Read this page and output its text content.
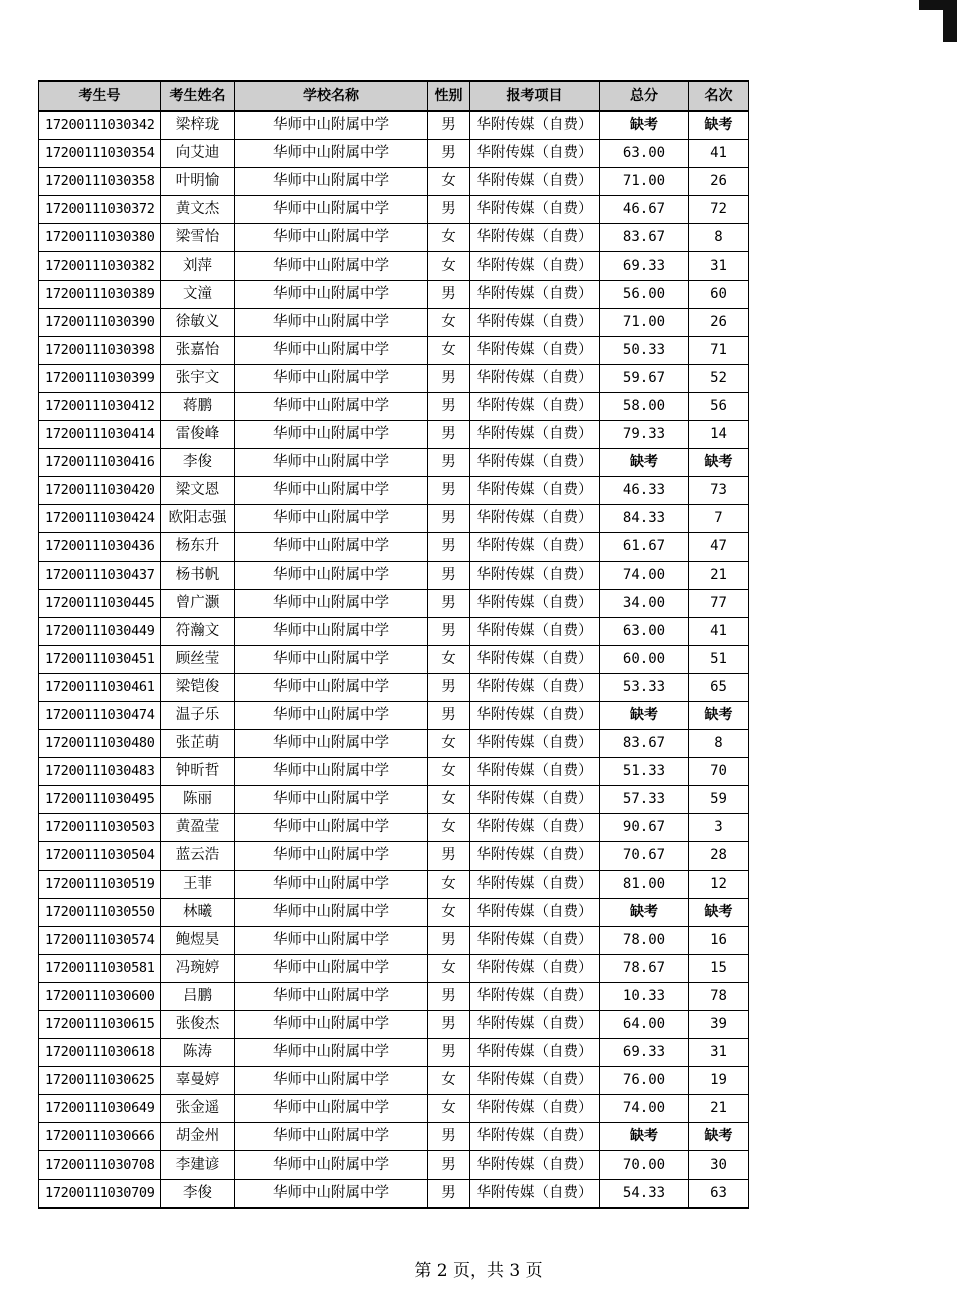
考生号	考生姓名	学校名称	性别	报考项目	总分	名次
17200111030342	梁梓珑	华师中山附属中学	男	华附传媒（自费）	缺考	缺考
17200111030354	向艾迪	华师中山附属中学	男	华附传媒（自费）	63.00	41
17200111030358	叶明愉	华师中山附属中学	女	华附传媒（自费）	71.00	26
17200111030372	黄文杰	华师中山附属中学	男	华附传媒（自费）	46.67	72
17200111030380	梁雪怡	华师中山附属中学	女	华附传媒（自费）	83.67	8
17200111030382	刘萍	华师中山附属中学	女	华附传媒（自费）	69.33	31
17200111030389	文潼	华师中山附属中学	男	华附传媒（自费）	56.00	60
17200111030390	徐敏义	华师中山附属中学	女	华附传媒（自费）	71.00	26
17200111030398	张嘉怡	华师中山附属中学	女	华附传媒（自费）	50.33	71
17200111030399	张宇文	华师中山附属中学	男	华附传媒（自费）	59.67	52
17200111030412	蒋鹏	华师中山附属中学	男	华附传媒（自费）	58.00	56
17200111030414	雷俊峰	华师中山附属中学	男	华附传媒（自费）	79.33	14
17200111030416	李俊	华师中山附属中学	男	华附传媒（自费）	缺考	缺考
17200111030420	梁文恩	华师中山附属中学	男	华附传媒（自费）	46.33	73
17200111030424	欧阳志强	华师中山附属中学	男	华附传媒（自费）	84.33	7
17200111030436	杨东升	华师中山附属中学	男	华附传媒（自费）	61.67	47
17200111030437	杨书帆	华师中山附属中学	男	华附传媒（自费）	74.00	21
17200111030445	曾广灏	华师中山附属中学	男	华附传媒（自费）	34.00	77
17200111030449	符瀚文	华师中山附属中学	男	华附传媒（自费）	63.00	41
17200111030451	顾丝莹	华师中山附属中学	女	华附传媒（自费）	60.00	51
17200111030461	梁铠俊	华师中山附属中学	男	华附传媒（自费）	53.33	65
17200111030474	温子乐	华师中山附属中学	男	华附传媒（自费）	缺考	缺考
17200111030480	张芷萌	华师中山附属中学	女	华附传媒（自费）	83.67	8
17200111030483	钟昕哲	华师中山附属中学	女	华附传媒（自费）	51.33	70
17200111030495	陈丽	华师中山附属中学	女	华附传媒（自费）	57.33	59
17200111030503	黄盈莹	华师中山附属中学	女	华附传媒（自费）	90.67	3
17200111030504	蓝云浩	华师中山附属中学	男	华附传媒（自费）	70.67	28
17200111030519	王菲	华师中山附属中学	女	华附传媒（自费）	81.00	12
17200111030550	林曦	华师中山附属中学	女	华附传媒（自费）	缺考	缺考
17200111030574	鲍煜昊	华师中山附属中学	男	华附传媒（自费）	78.00	16
17200111030581	冯琬婷	华师中山附属中学	女	华附传媒（自费）	78.67	15
17200111030600	吕鹏	华师中山附属中学	男	华附传媒（自费）	10.33	78
17200111030615	张俊杰	华师中山附属中学	男	华附传媒（自费）	64.00	39
17200111030618	陈涛	华师中山附属中学	男	华附传媒（自费）	69.33	31
17200111030625	辜曼婷	华师中山附属中学	女	华附传媒（自费）	76.00	19
17200111030649	张金遥	华师中山附属中学	女	华附传媒（自费）	74.00	21
17200111030666	胡金州	华师中山附属中学	男	华附传媒（自费）	缺考	缺考
17200111030708	李建谚	华师中山附属中学	男	华附传媒（自费）	70.00	30
17200111030709	李俊	华师中山附属中学	男	华附传媒（自费）	54.33	63
第 2 页，共 3 页
